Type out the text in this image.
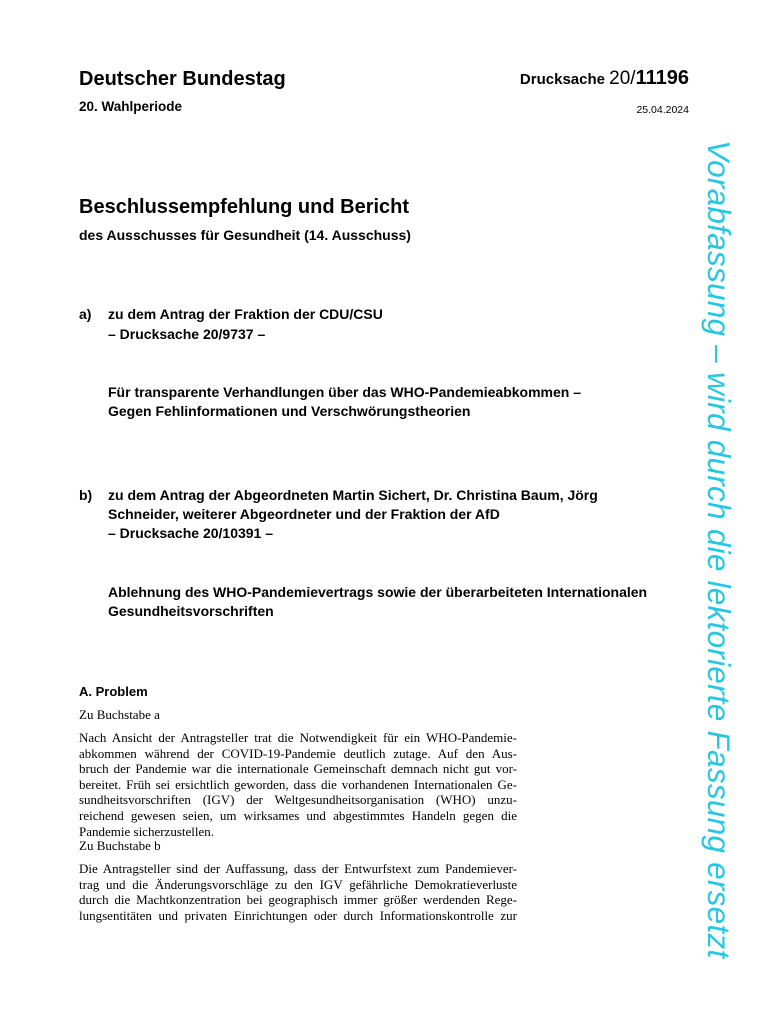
Deutscher Bundestag
20. Wahlperiode
Drucksache 20/11196
25.04.2024
Beschlussempfehlung und Bericht
des Ausschusses für Gesundheit (14. Ausschuss)
a) zu dem Antrag der Fraktion der CDU/CSU
– Drucksache 20/9737 –
Für transparente Verhandlungen über das WHO-Pandemieabkommen –
Gegen Fehlinformationen und Verschwörungstheorien
b) zu dem Antrag der Abgeordneten Martin Sichert, Dr. Christina Baum, Jörg
Schneider, weiterer Abgeordneter und der Fraktion der AfD
– Drucksache 20/10391 –
Ablehnung des WHO-Pandemievertrags sowie der überarbeiteten Internationalen
Gesundheitsvorschriften
A. Problem
Zu Buchstabe a
Nach Ansicht der Antragsteller trat die Notwendigkeit für ein WHO-Pandemie-
abkommen während der COVID-19-Pandemie deutlich zutage. Auf den Aus-
bruch der Pandemie war die internationale Gemeinschaft demnach nicht gut vor-
bereitet. Früh sei ersichtlich geworden, dass die vorhandenen Internationalen Ge-
sundheitsvorschriften (IGV) der Weltgesundheitsorganisation (WHO) unzu-
reichend gewesen seien, um wirksames und abgestimmtes Handeln gegen die
Pandemie sicherzustellen.
Zu Buchstabe b
Die Antragsteller sind der Auffassung, dass der Entwurfstext zum Pandemiever-
trag und die Änderungsvorschläge zu den IGV gefährliche Demokratieverluste
durch die Machtkonzentration bei geographisch immer größer werdenden Rege-
lungsentitäten und privaten Einrichtungen oder durch Informationskontrolle zur	Vorabfassung – wird durch die lektorierte Fassung ersetzt
